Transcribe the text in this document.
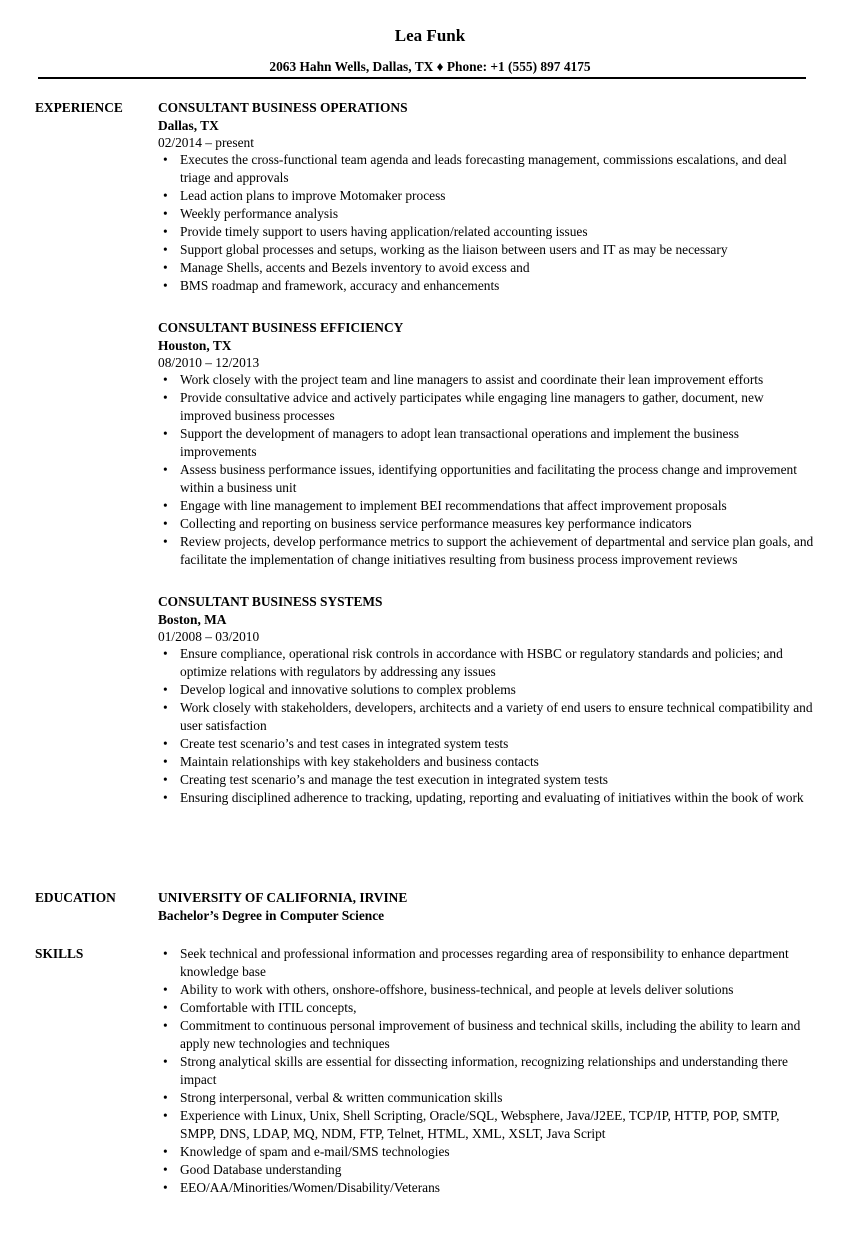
Lea Funk
2063 Hahn Wells, Dallas, TX ♦ Phone: +1 (555) 897 4175
EXPERIENCE	CONSULTANT BUSINESS OPERATIONS
Dallas, TX
02/2014 – present
• Executes the cross-functional team agenda and leads forecasting management, commissions escalations, and deal triage and approvals
• Lead action plans to improve Motomaker process
• Weekly performance analysis
• Provide timely support to users having application/related accounting issues
• Support global processes and setups, working as the liaison between users and IT as may be necessary
• Manage Shells, accents and Bezels inventory to avoid excess and
• BMS roadmap and framework, accuracy and enhancements
CONSULTANT BUSINESS EFFICIENCY
Houston, TX
08/2010 – 12/2013
• Work closely with the project team and line managers to assist and coordinate their lean improvement efforts
• Provide consultative advice and actively participates while engaging line managers to gather, document, new improved business processes
• Support the development of managers to adopt lean transactional operations and implement the business improvements
• Assess business performance issues, identifying opportunities and facilitating the process change and improvement within a business unit
• Engage with line management to implement BEI recommendations that affect improvement proposals
• Collecting and reporting on business service performance measures key performance indicators
• Review projects, develop performance metrics to support the achievement of departmental and service plan goals, and facilitate the implementation of change initiatives resulting from business process improvement reviews
CONSULTANT BUSINESS SYSTEMS
Boston, MA
01/2008 – 03/2010
• Ensure compliance, operational risk controls in accordance with HSBC or regulatory standards and policies; and optimize relations with regulators by addressing any issues
• Develop logical and innovative solutions to complex problems
• Work closely with stakeholders, developers, architects and a variety of end users to ensure technical compatibility and user satisfaction
• Create test scenario’s and test cases in integrated system tests
• Maintain relationships with key stakeholders and business contacts
• Creating test scenario’s and manage the test execution in integrated system tests
• Ensuring disciplined adherence to tracking, updating, reporting and evaluating of initiatives within the book of work
EDUCATION	UNIVERSITY OF CALIFORNIA, IRVINE
Bachelor’s Degree in Computer Science
SKILLS
•	Seek technical and professional information and processes regarding area of responsibility to enhance department knowledge base
• Ability to work with others, onshore-offshore, business-technical, and people at levels deliver solutions
• Comfortable with ITIL concepts,
• Commitment to continuous personal improvement of business and technical skills, including the ability to learn and apply new technologies and techniques
• Strong analytical skills are essential for dissecting information, recognizing relationships and understanding there impact
• Strong interpersonal, verbal & written communication skills
• Experience with Linux, Unix, Shell Scripting, Oracle/SQL, Websphere, Java/J2EE, TCP/IP, HTTP, POP, SMTP, SMPP, DNS, LDAP, MQ, NDM, FTP, Telnet, HTML, XML, XSLT, Java Script
• Knowledge of spam and e-mail/SMS technologies
• Good Database understanding
• EEO/AA/Minorities/Women/Disability/Veterans
